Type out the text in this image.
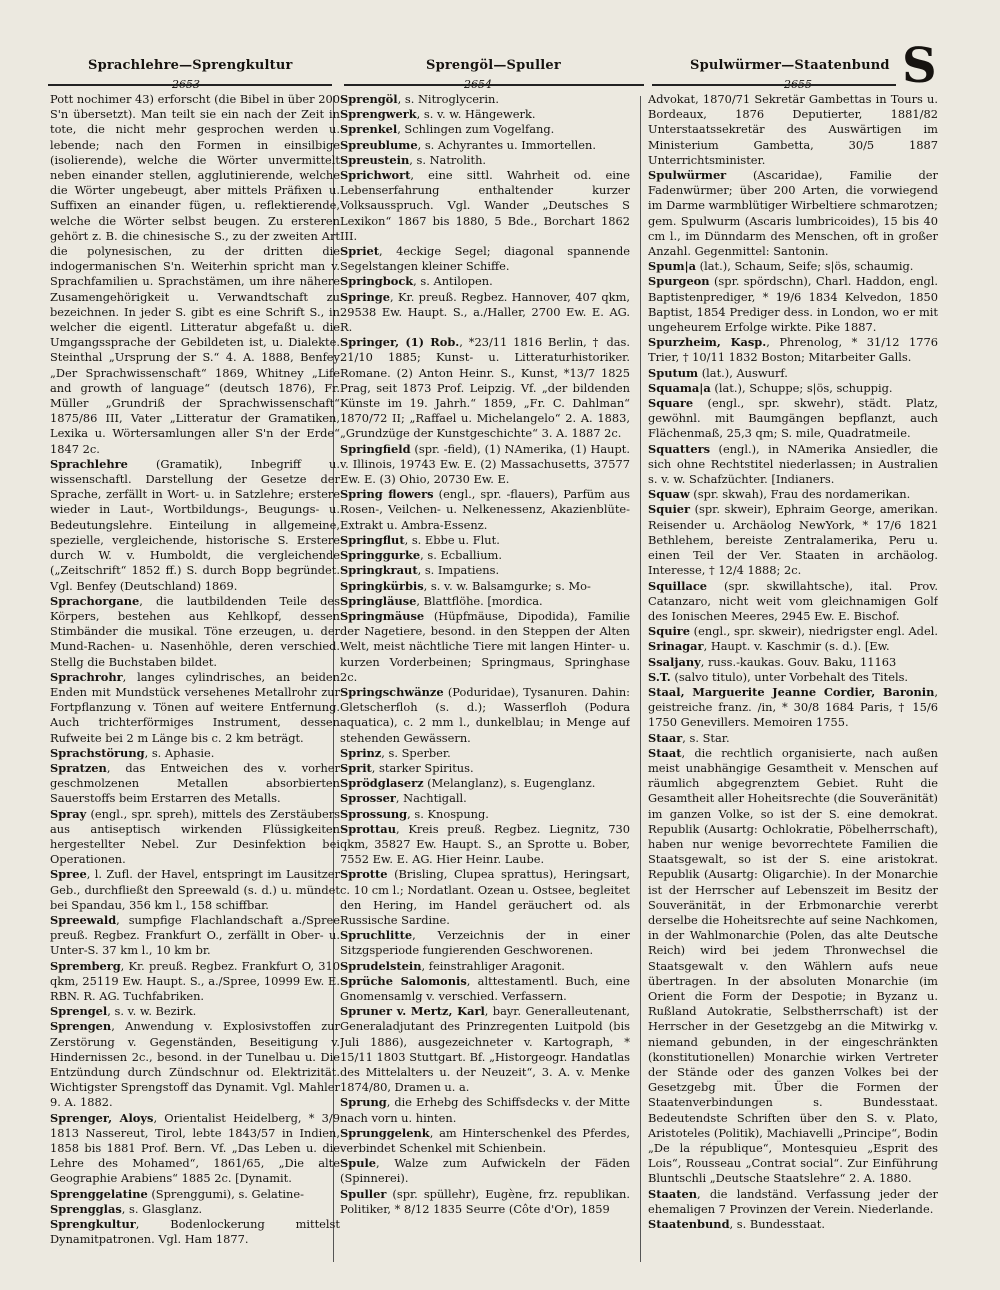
Sprachlehre—Sprengkultur
2653
Sprengöl—Spuller
2654
Spulwürmer—Staatenbund
2655 S

Pott nochimer 43) erforscht (die Bibel in über 200 S'n übersetzt). Man teilt sie ein nach der Zeit in tote, die nicht mehr gesprochen werden u. lebende; nach den Formen in einsilbige (isolierende), welche die Wörter unvermittelt neben einander stellen, agglutinierende, welche die Wörter ungebeugt, aber mittels Präfixen u. Suffixen an einander fügen, u. reflektierende, welche die Wörter selbst beugen. Zu ersteren gehört z. B. die chinesische S., zu der zweiten Art die polynesischen, zu der dritten die indogermanischen S'n. Weiterhin spricht man v. Sprachfamilien u. Sprachstämen, um ihre nähere Zusamengehörigkeit u. Verwandtschaft zu bezeichnen. In jeder S. gibt es eine Schrift S., in welcher die eigentl. Litteratur abgefaßt u. die Umgangssprache der Gebildeten ist, u. Dialekte. Steinthal „Ursprung der S.“ 4. A. 1888, Benfey „Der Sprachwissenschaft“ 1869, Whitney „Life and growth of language“ (deutsch 1876), Fr. Müller „Grundriß der Sprachwissenschaft“ 1875/86 III, Vater „Litteratur der Gramatiken, Lexika u. Wörtersamlungen aller S'n der Erde“ 1847 2c.

Sprachlehre (Gramatik), Inbegriff u. wissenschaftl. Darstellung der Gesetze der Sprache, zerfällt in Wort- u. in Satzlehre; erstere wieder in Laut-, Wortbildungs-, Beugungs- u. Bedeutungslehre. Einteilung in allgemeine, spezielle, vergleichende, historische S. Erstere durch W. v. Humboldt, die vergleichende („Zeitschrift“ 1852 ff.) S. durch Bopp begründet. Vgl. Benfey (Deutschland) 1869.

Sprachorgane, die lautbildenden Teile des Körpers, bestehen aus Kehlkopf, dessen Stimbänder die musikal. Töne erzeugen, u. der Mund-Rachen- u. Nasenhöhle, deren verschied. Stellg die Buchstaben bildet.

Sprachrohr, langes cylindrisches, an beiden Enden mit Mundstück versehenes Metallrohr zur Fortpflanzung v. Tönen auf weitere Entfernung. Auch trichterförmiges Instrument, dessen Rufweite bei 2 m Länge bis c. 2 km beträgt.

Sprachstörung, s. Aphasie.

Spratzen, das Entweichen des v. vorher geschmolzenen Metallen absorbierten Sauerstoffs beim Erstarren des Metalls.

Spray (engl., spr. spreh), mittels des Zerstäubers aus antiseptisch wirkenden Flüssigkeiten hergestellter Nebel. Zur Desinfektion bei Operationen.

Spree, l. Zufl. der Havel, entspringt im Lausitzer Geb., durchfließt den Spreewald (s. d.) u. mündet bei Spandau, 356 km l., 158 schiffbar.

Spreewald, sumpfige Flachlandschaft a./Spree preuß. Regbez. Frankfurt O., zerfällt in Ober- u. Unter-S. 37 km l., 10 km br.

Spremberg, Kr. preuß. Regbez. Frankfurt O, 310 qkm, 25119 Ew. Haupt. S., a./Spree, 10999 Ew. E. RBN. R. AG. Tuchfabriken.

Sprengel, s. v. w. Bezirk.

Sprengen, Anwendung v. Explosivstoffen zur Zerstörung v. Gegenständen, Beseitigung v. Hindernissen 2c., besond. in der Tunelbau u. Die Entzündung durch Zündschnur od. Elektrizität. Wichtigster Sprengstoff das Dynamit. Vgl. Mahler 9. A. 1882.

Sprenger, Aloys, Orientalist Heidelberg, * 3/9 1813 Nassereut, Tirol, lebte 1843/57 in Indien, 1858 bis 1881 Prof. Bern. Vf. „Das Leben u. die Lehre des Mohamed“, 1861/65, „Die alte Geographie Arabiens“ 1885 2c. [Dynamit.

Sprenggelatine (Sprenggumi), s. Gelatine-

Sprengglas, s. Glasglanz.

Sprengkultur, Bodenlockerung mittelst Dynamitpatronen. Vgl. Ham 1877.

Sprengöl, s. Nitroglycerin.

Sprengwerk, s. v. w. Hängewerk.

Sprenkel, Schlingen zum Vogelfang.

Spreublume, s. Achyrantes u. Immortellen.

Spreustein, s. Natrolith.

Sprichwort, eine sittl. Wahrheit od. eine Lebenserfahrung enthaltender kurzer Volksausspruch. Vgl. Wander „Deutsches S Lexikon“ 1867 bis 1880, 5 Bde., Borchart 1862 III.

Spriet, 4eckige Segel; diagonal spannende Segelstangen kleiner Schiffe.

Springbock, s. Antilopen.

Springe, Kr. preuß. Regbez. Hannover, 407 qkm, 29538 Ew. Haupt. S., a./Haller, 2700 Ew. E. AG. R.

Springer, (1) Rob., *23/11 1816 Berlin, † das. 21/10 1885; Kunst- u. Litteraturhistoriker. Romane. (2) Anton Heinr. S., Kunst, *13/7 1825 Prag, seit 1873 Prof. Leipzig. Vf. „der bildenden Künste im 19. Jahrh.“ 1859, „Fr. C. Dahlman“ 1870/72 II; „Raffael u. Michelangelo“ 2. A. 1883, „Grundzüge der Kunstgeschichte“ 3. A. 1887 2c.

Springfield (spr. -field), (1) NAmerika, (1) Haupt. v. Illinois, 19743 Ew. E. (2) Massachusetts, 37577 Ew. E. (3) Ohio, 20730 Ew. E.

Spring flowers (engl., spr. -flauers), Parfüm aus Rosen-, Veilchen- u. Nelkenessenz, Akazienblüte-Extrakt u. Ambra-Essenz.

Springflut, s. Ebbe u. Flut.

Springgurke, s. Ecballium.

Springkraut, s. Impatiens.

Springkürbis, s. v. w. Balsamgurke; s. Mo-

Springläuse, Blattflöhe. [mordica.

Springmäuse (Hüpfmäuse, Dipodida), Familie der Nagetiere, besond. in den Steppen der Alten Welt, meist nächtliche Tiere mit langen Hinter- u. kurzen Vorderbeinen; Springmaus, Springhase 2c.

Springschwänze (Poduridae), Tysanuren. Dahin: Gletscherfloh (s. d.); Wasserfloh (Podura aquatica), c. 2 mm l., dunkelblau; in Menge auf stehenden Gewässern.

Sprinz, s. Sperber.

Sprit, starker Spiritus.

Sprödglaserz (Melanglanz), s. Eugenglanz.

Sprosser, Nachtigall.

Sprossung, s. Knospung.

Sprottau, Kreis preuß. Regbez. Liegnitz, 730 qkm, 35827 Ew. Haupt. S., an Sprotte u. Bober, 7552 Ew. E. AG. Hier Heinr. Laube.

Sprotte (Brisling, Clupea sprattus), Heringsart, c. 10 cm l.; Nordatlant. Ozean u. Ostsee, begleitet den Hering, im Handel geräuchert od. als Russische Sardine.

Spruchlitte, Verzeichnis der in einer Sitzgsperiode fungierenden Geschworenen.

Sprudelstein, feinstrahliger Aragonit.

Sprüche Salomonis, alttestamentl. Buch, eine Gnomensamlg v. verschied. Verfassern.

Spruner v. Mertz, Karl, bayr. Generalleutenant, Generaladjutant des Prinzregenten Luitpold (bis Juli 1886), ausgezeichneter v. Kartograph, * 15/11 1803 Stuttgart. Bf. „Historgeogr. Handatlas des Mittelalters u. der Neuzeit“, 3. A. v. Menke 1874/80, Dramen u. a.

Sprung, die Erhebg des Schiffsdecks v. der Mitte nach vorn u. hinten.

Sprunggelenk, am Hinterschenkel des Pferdes, verbindet Schenkel mit Schienbein.

Spule, Walze zum Aufwickeln der Fäden (Spinnerei).

Spuller (spr. spüllehr), Eugène, frz. republikan. Politiker, * 8/12 1835 Seurre (Côte d'Or), 1859

Advokat, 1870/71 Sekretär Gambettas in Tours u. Bordeaux, 1876 Deputierter, 1881/82 Unterstaatssekretär des Auswärtigen im Ministerium Gambetta, 30/5 1887 Unterrichtsminister.

Spulwürmer (Ascaridae), Familie der Fadenwürmer; über 200 Arten, die vorwiegend im Darme warmblütiger Wirbeltiere schmarotzen; gem. Spulwurm (Ascaris lumbricoides), 15 bis 40 cm l., im Dünndarm des Menschen, oft in großer Anzahl. Gegenmittel: Santonin.

Spum|a (lat.), Schaum, Seife; s|ös, schaumig.

Spurgeon (spr. spördschn), Charl. Haddon, engl. Baptistenprediger, * 19/6 1834 Kelvedon, 1850 Baptist, 1854 Prediger dess. in London, wo er mit ungeheurem Erfolge wirkte. Pike 1887.

Spurzheim, Kasp., Phrenolog, * 31/12 1776 Trier, † 10/11 1832 Boston; Mitarbeiter Galls.

Sputum (lat.), Auswurf.

Squama|a (lat.), Schuppe; s|ös, schuppig.

Square (engl., spr. skwehr), städt. Platz, gewöhnl. mit Baumgängen bepflanzt, auch Flächenmaß, 25,3 qm; S. mile, Quadratmeile.

Squatters (engl.), in NAmerika Ansiedler, die sich ohne Rechtstitel niederlassen; in Australien s. v. w. Schafzüchter. [Indianers.

Squaw (spr. skwah), Frau des nordamerikan.

Squier (spr. skweir), Ephraim George, amerikan. Reisender u. Archäolog NewYork, * 17/6 1821 Bethlehem, bereiste Zentralamerika, Peru u. einen Teil der Ver. Staaten in archäolog. Interesse, † 12/4 1888; 2c.

Squillace (spr. skwillahtsche), ital. Prov. Catanzaro, nicht weit vom gleichnamigen Golf des Ionischen Meeres, 2945 Ew. E. Bischof.

Squire (engl., spr. skweir), niedrigster engl. Adel.

Srinagar, Haupt. v. Kaschmir (s. d.). [Ew.

Ssaljany, russ.-kaukas. Gouv. Baku, 11163

S.T. (salvo titulo), unter Vorbehalt des Titels.

Staal, Marguerite Jeanne Cordier, Baronin, geistreiche franz. /in, * 30/8 1684 Paris, † 15/6 1750 Genevillers. Memoiren 1755.

Staar, s. Star.

Staat, die rechtlich organisierte, nach außen meist unabhängige Gesamtheit v. Menschen auf räumlich abgegrenztem Gebiet. Ruht die Gesamtheit aller Hoheitsrechte (die Souveränität) im ganzen Volke, so ist der S. eine demokrat. Republik (Ausartg: Ochlokratie, Pöbelherrschaft), haben nur wenige bevorrechtete Familien die Staatsgewalt, so ist der S. eine aristokrat. Republik (Ausartg: Oligarchie). In der Monarchie ist der Herrscher auf Lebenszeit im Besitz der Souveränität, in der Erbmonarchie vererbt derselbe die Hoheitsrechte auf seine Nachkomen, in der Wahlmonarchie (Polen, das alte Deutsche Reich) wird bei jedem Thronwechsel die Staatsgewalt v. den Wählern aufs neue übertragen. In der absoluten Monarchie (im Orient die Form der Despotie; in Byzanz u. Rußland Autokratie, Selbstherrschaft) ist der Herrscher in der Gesetzgebg an die Mitwirkg v. niemand gebunden, in der eingeschränkten (konstitutionellen) Monarchie wirken Vertreter der Stände oder des ganzen Volkes bei der Gesetzgebg mit. Über die Formen der Staatenverbindungen s. Bundesstaat. Bedeutendste Schriften über den S. v. Plato, Aristoteles (Politik), Machiavelli „Principe“, Bodin „De la république“, Montesquieu „Esprit des Lois“, Rousseau „Contrat social“. Zur Einführung Bluntschli „Deutsche Staatslehre“ 2. A. 1880.

Staaten, die landständ. Verfassung jeder der ehemaligen 7 Provinzen der Verein. Niederlande.

Staatenbund, s. Bundesstaat.
